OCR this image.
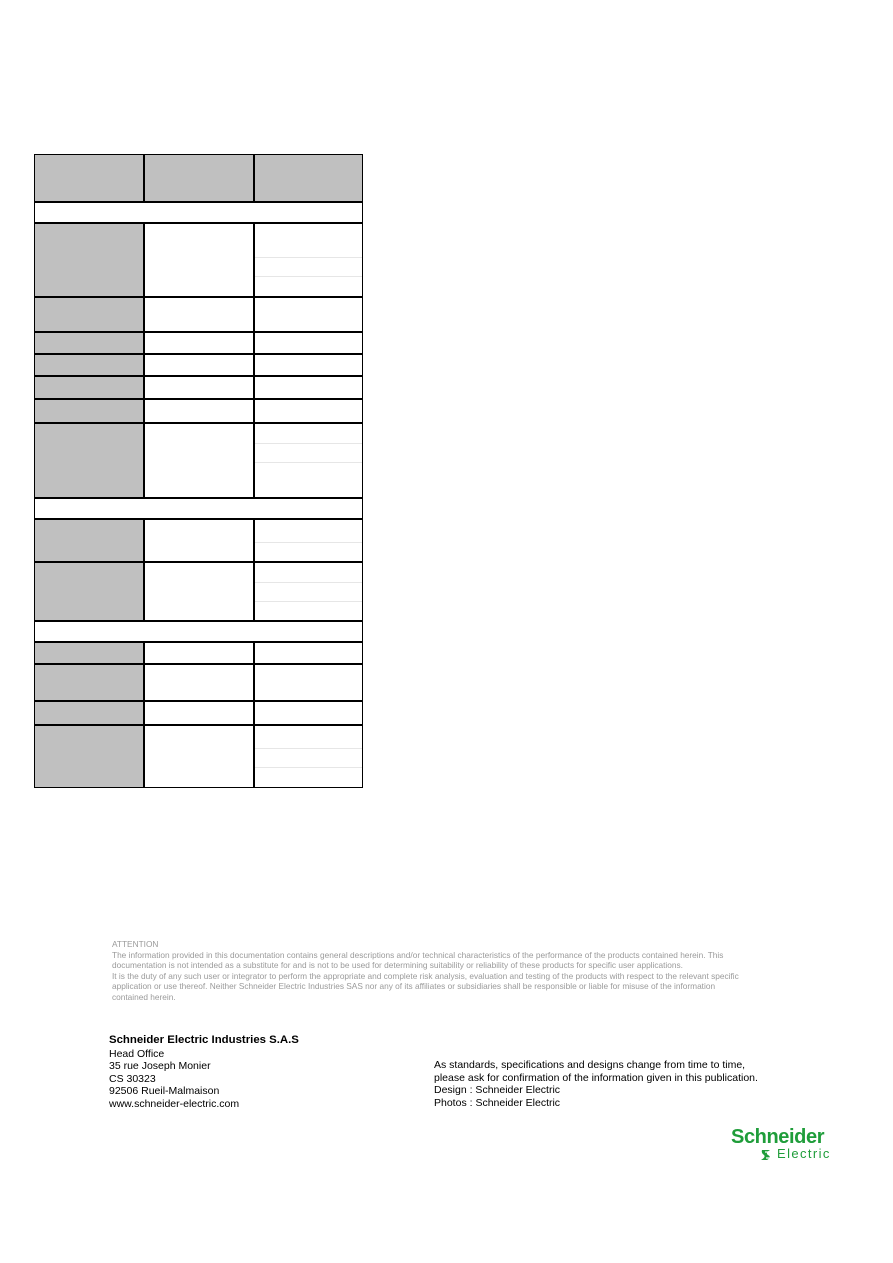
ATTENTION

The information provided in this documentation contains general descriptions and/or technical characteristics of the performance of the products contained herein. This

documentation is not intended as a substitute for and is not to be used for determining suitability or reliability of these products for specific user applications.

It is the duty of any such user or integrator to perform the appropriate and complete risk analysis, evaluation and testing of the products with respect to the relevant specific

application or use thereof. Neither Schneider Electric Industries SAS nor any of its affiliates or subsidiaries shall be responsible or liable for misuse of the information

contained herein.

Schneider Electric Industries S.A.S
Head Office
35 rue Joseph Monier
CS 30323
92506 Rueil-Malmaison
www.schneider-electric.com
As standards, specifications and designs change from time to time,
please ask for confirmation of the information given in this publication.
Design : Schneider Electric
Photos : Schneider Electric
Schneider
Electric
